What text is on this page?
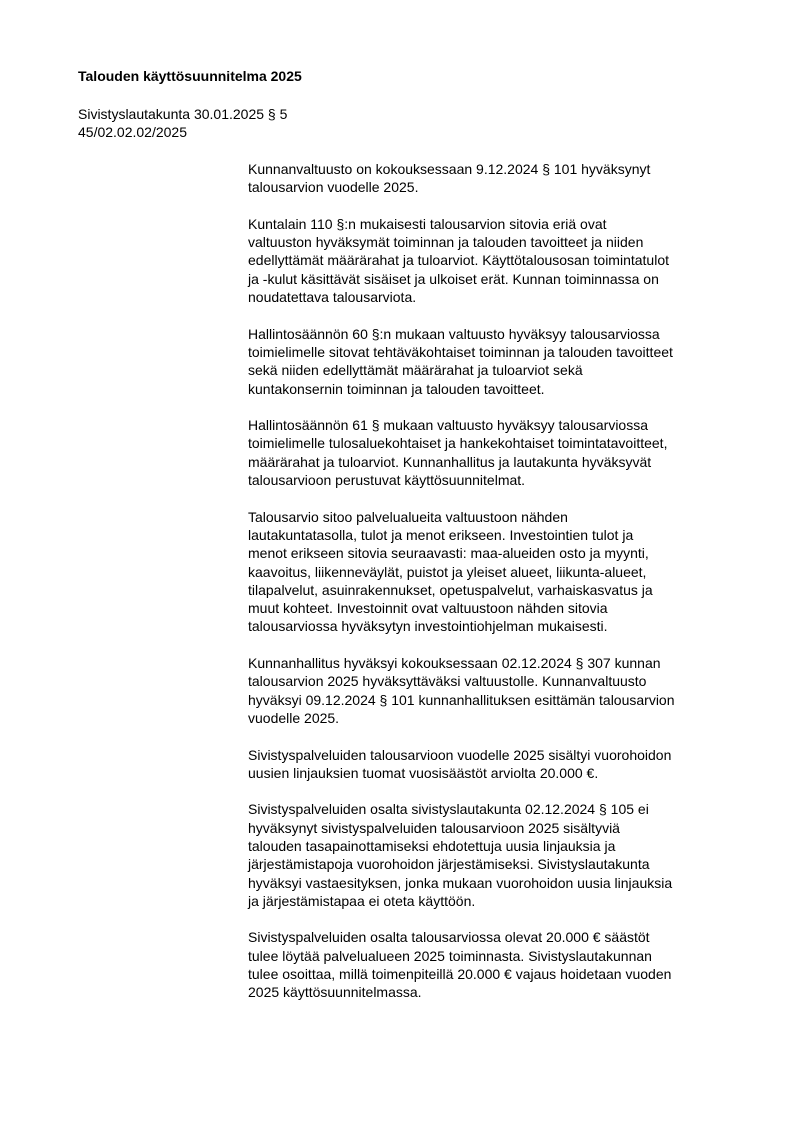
Talouden käyttösuunnitelma 2025
Sivistyslautakunta 30.01.2025 § 5
45/02.02.02/2025

Kunnanvaltuusto on kokouksessaan 9.12.2024 § 101 hyväksynyt
talousarvion vuodelle 2025.

Kuntalain 110 §:n mukaisesti talousarvion sitovia eriä ovat
valtuuston hyväksymät toiminnan ja talouden tavoitteet ja niiden
edellyttämät määrärahat ja tuloarviot. Käyttötalousosan toimintatulot
ja -kulut käsittävät sisäiset ja ulkoiset erät. Kunnan toiminnassa on
noudatettava talousarviota.

Hallintosäännön 60 §:n mukaan valtuusto hyväksyy talousarviossa
toimielimelle sitovat tehtäväkohtaiset toiminnan ja talouden tavoitteet
sekä niiden edellyttämät määrärahat ja tuloarviot sekä
kuntakonsernin toiminnan ja talouden tavoitteet.

Hallintosäännön 61 § mukaan valtuusto hyväksyy talousarviossa
toimielimelle tulosaluekohtaiset ja hankekohtaiset toimintatavoitteet,
määrärahat ja tuloarviot. Kunnanhallitus ja lautakunta hyväksyvät
talousarvioon perustuvat käyttösuunnitelmat.

Talousarvio sitoo palvelualueita valtuustoon nähden
lautakuntatasolla, tulot ja menot erikseen. Investointien tulot ja
menot erikseen sitovia seuraavasti: maa-alueiden osto ja myynti,
kaavoitus, liikenneväylät, puistot ja yleiset alueet, liikunta-alueet,
tilapalvelut, asuinrakennukset, opetuspalvelut, varhaiskasvatus ja
muut kohteet. Investoinnit ovat valtuustoon nähden sitovia
talousarviossa hyväksytyn investointiohjelman mukaisesti.

Kunnanhallitus hyväksyi kokouksessaan 02.12.2024 § 307 kunnan
talousarvion 2025 hyväksyttäväksi valtuustolle. Kunnanvaltuusto
hyväksyi 09.12.2024 § 101 kunnanhallituksen esittämän talousarvion
vuodelle 2025.

Sivistyspalveluiden talousarvioon vuodelle 2025 sisältyi vuorohoidon
uusien linjauksien tuomat vuosisäästöt arviolta 20.000 €.

Sivistyspalveluiden osalta sivistyslautakunta 02.12.2024 § 105 ei
hyväksynyt sivistyspalveluiden talousarvioon 2025 sisältyviä
talouden tasapainottamiseksi ehdotettuja uusia linjauksia ja
järjestämistapoja vuorohoidon järjestämiseksi. Sivistyslautakunta
hyväksyi vastaesityksen, jonka mukaan vuorohoidon uusia linjauksia
ja järjestämistapaa ei oteta käyttöön.

Sivistyspalveluiden osalta talousarviossa olevat 20.000 € säästöt
tulee löytää palvelualueen 2025 toiminnasta. Sivistyslautakunnan
tulee osoittaa, millä toimenpiteillä 20.000 € vajaus hoidetaan vuoden
2025 käyttösuunnitelmassa.
